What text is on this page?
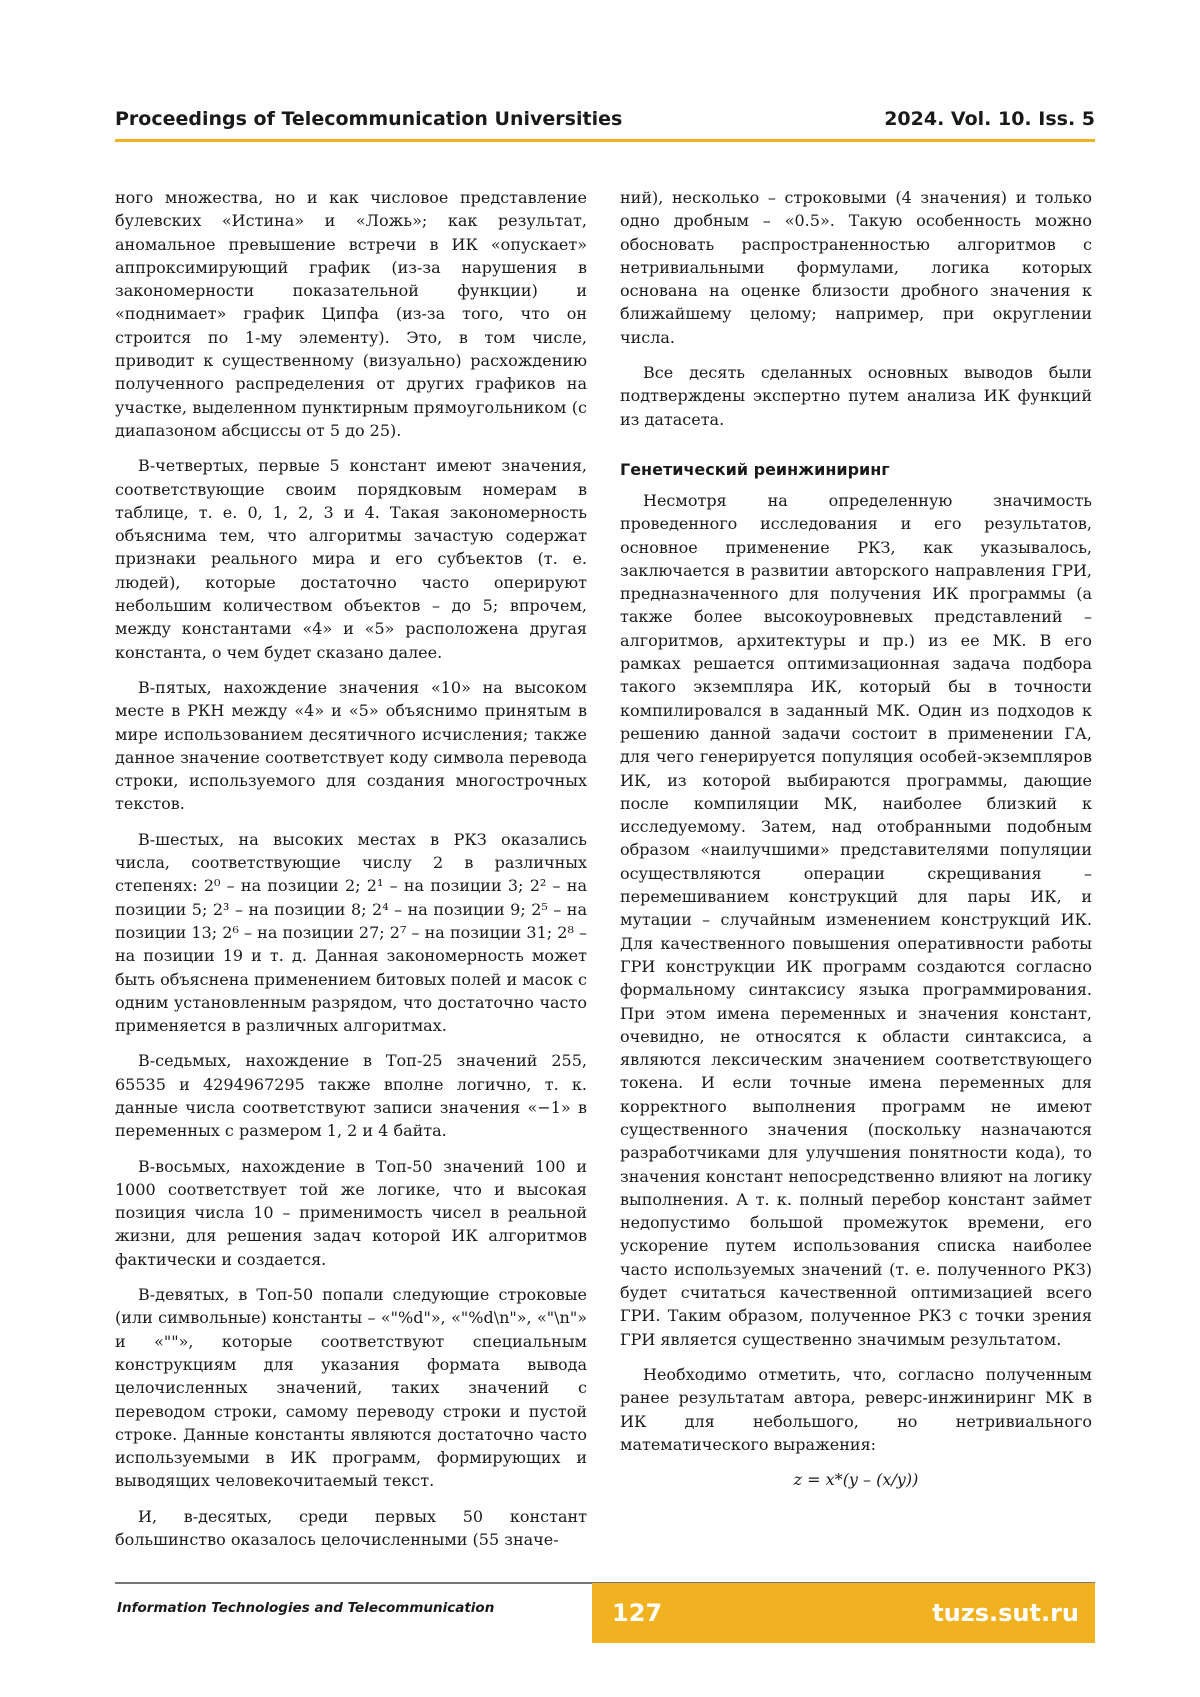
Proceedings of Telecommunication Universities	2024. Vol. 10. Iss. 5

ного множества, но и как числовое представление булевских «Истина» и «Ложь»; как результат, аномальное превышение встречи в ИК «опускает» аппроксимирующий график (из-за нарушения в закономерности показательной функции) и «поднимает» график Ципфа (из-за того, что он строится по 1-му элементу). Это, в том числе, приводит к существенному (визуально) расхождению полученного распределения от других графиков на участке, выделенном пунктирным прямоугольником (с диапазоном абсциссы от 5 до 25).

В-четвертых, первые 5 констант имеют значения, соответствующие своим порядковым номерам в таблице, т. е. 0, 1, 2, 3 и 4. Такая закономерность объяснима тем, что алгоритмы зачастую содержат признаки реального мира и его субъектов (т. е. людей), которые достаточно часто оперируют небольшим количеством объектов – до 5; впрочем, между константами «4» и «5» расположена другая константа, о чем будет сказано далее.

В-пятых, нахождение значения «10» на высоком месте в РКН между «4» и «5» объяснимо принятым в мире использованием десятичного исчисления; также данное значение соответствует коду символа перевода строки, используемого для создания многострочных текстов.

В-шестых, на высоких местах в РКЗ оказались числа, соответствующие числу 2 в различных степенях: 2⁰ – на позиции 2; 2¹ – на позиции 3; 2² – на позиции 5; 2³ – на позиции 8; 2⁴ – на позиции 9; 2⁵ – на позиции 13; 2⁶ – на позиции 27; 2⁷ – на позиции 31; 2⁸ – на позиции 19 и т. д. Данная закономерность может быть объяснена применением битовых полей и масок с одним установленным разрядом, что достаточно часто применяется в различных алгоритмах.

В-седьмых, нахождение в Топ-25 значений 255, 65535 и 4294967295 также вполне логично, т. к. данные числа соответствуют записи значения «−1» в переменных с размером 1, 2 и 4 байта.

В-восьмых, нахождение в Топ-50 значений 100 и 1000 соответствует той же логике, что и высокая позиция числа 10 – применимость чисел в реальной жизни, для решения задач которой ИК алгоритмов фактически и создается.

В-девятых, в Топ-50 попали следующие строковые (или символьные) константы – «"%d"», «"%d\n"», «"\n"» и «""», которые соответствуют специальным конструкциям для указания формата вывода целочисленных значений, таких значений с переводом строки, самому переводу строки и пустой строке. Данные константы являются достаточно часто используемыми в ИК программ, формирующих и выводящих человекочитаемый текст.

И, в-десятых, среди первых 50 констант большинство оказалось целочисленными (55 значе-

ний), несколько – строковыми (4 значения) и только одно дробным – «0.5». Такую особенность можно обосновать распространенностью алгоритмов с нетривиальными формулами, логика которых основана на оценке близости дробного значения к ближайшему целому; например, при округлении числа.

Все десять сделанных основных выводов были подтверждены экспертно путем анализа ИК функций из датасета.

Генетический реинжиниринг

Несмотря на определенную значимость проведенного исследования и его результатов, основное применение РКЗ, как указывалось, заключается в развитии авторского направления ГРИ, предназначенного для получения ИК программы (а также более высокоуровневых представлений – алгоритмов, архитектуры и пр.) из ее МК. В его рамках решается оптимизационная задача подбора такого экземпляра ИК, который бы в точности компилировался в заданный МК. Один из подходов к решению данной задачи состоит в применении ГА, для чего генерируется популяция особей-экземпляров ИК, из которой выбираются программы, дающие после компиляции МК, наиболее близкий к исследуемому. Затем, над отобранными подобным образом «наилучшими» представителями популяции осуществляются операции скрещивания – перемешиванием конструкций для пары ИК, и мутации – случайным изменением конструкций ИК. Для качественного повышения оперативности работы ГРИ конструкции ИК программ создаются согласно формальному синтаксису языка программирования. При этом имена переменных и значения констант, очевидно, не относятся к области синтаксиса, а являются лексическим значением соответствующего токена. И если точные имена переменных для корректного выполнения программ не имеют существенного значения (поскольку назначаются разработчиками для улучшения понятности кода), то значения констант непосредственно влияют на логику выполнения. А т. к. полный перебор констант займет недопустимо большой промежуток времени, его ускорение путем использования списка наиболее часто используемых значений (т. е. полученного РКЗ) будет считаться качественной оптимизацией всего ГРИ. Таким образом, полученное РКЗ с точки зрения ГРИ является существенно значимым результатом.

Необходимо отметить, что, согласно полученным ранее результатам автора, реверс-инжиниринг МК в ИК для небольшого, но нетривиального математического выражения:

z = x*(y – (x/y))
Information Technologies and Telecommunication	127	tuzs.sut.ru
